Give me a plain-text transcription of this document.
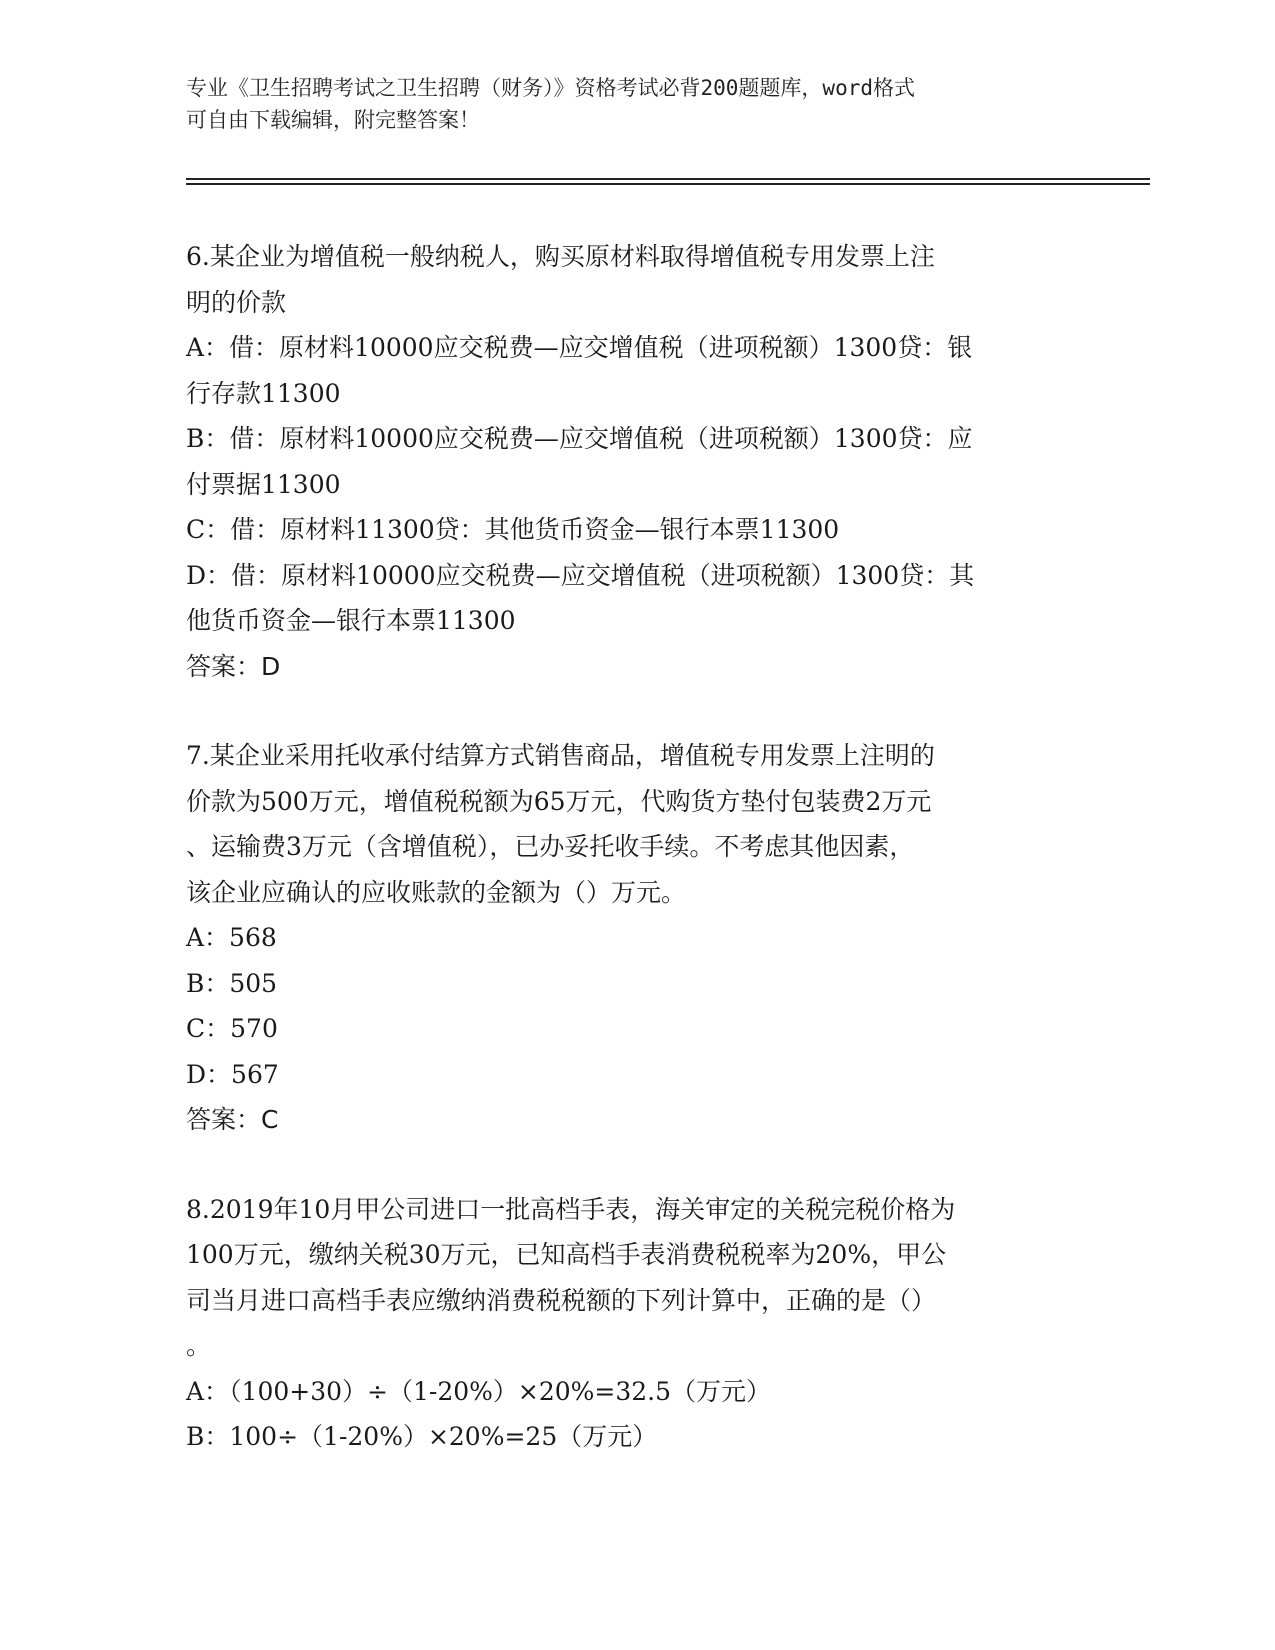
专业《卫生招聘考试之卫生招聘（财务）》资格考试必背200题题库，word格式
可自由下载编辑，附完整答案！
6.某企业为增值税一般纳税人，购买原材料取得增值税专用发票上注
明的价款
A：借：原材料10000应交税费—应交增值税（进项税额）1300贷：银
行存款11300
B：借：原材料10000应交税费—应交增值税（进项税额）1300贷：应
付票据11300
C：借：原材料11300贷：其他货币资金—银行本票11300
D：借：原材料10000应交税费—应交增值税（进项税额）1300贷：其
他货币资金—银行本票11300
答案：D
7.某企业采用托收承付结算方式销售商品，增值税专用发票上注明的
价款为500万元，增值税税额为65万元，代购货方垫付包装费2万元
、运输费3万元（含增值税），已办妥托收手续。不考虑其他因素，
该企业应确认的应收账款的金额为（）万元。
A：568
B：505
C：570
D：567
答案：C
8.2019年10月甲公司进口一批高档手表，海关审定的关税完税价格为
100万元，缴纳关税30万元，已知高档手表消费税税率为20%，甲公
司当月进口高档手表应缴纳消费税税额的下列计算中，正确的是（）
。
A：（100+30）÷（1-20%）×20%=32.5（万元）
B：100÷（1-20%）×20%=25（万元）
